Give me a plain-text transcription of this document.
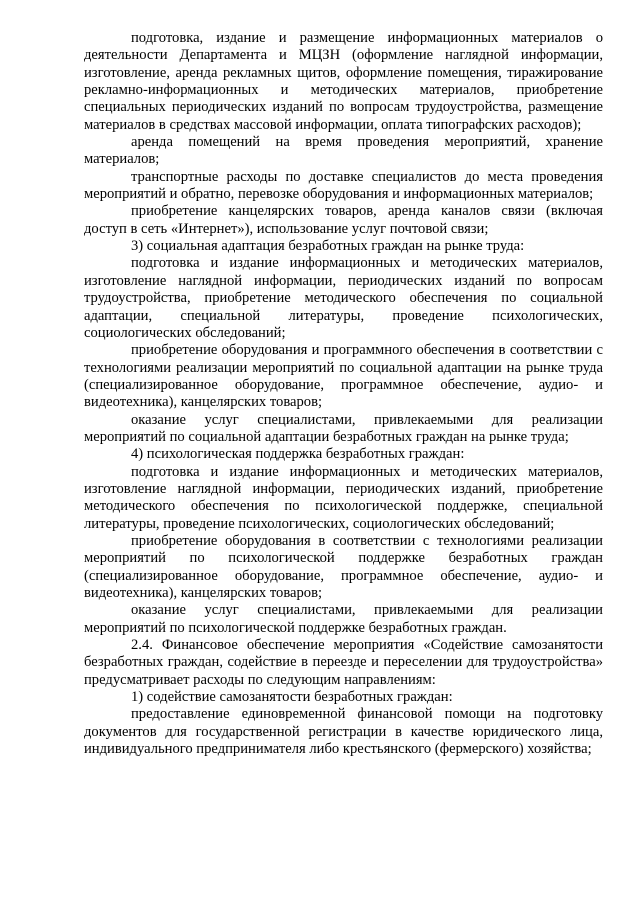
подготовка, издание и размещение информационных материалов о деятельности Департамента и МЦЗН (оформление наглядной информации, изготовление, аренда рекламных щитов, оформление помещения, тиражирование рекламно-информационных и методических материалов, приобретение специальных периодических изданий по вопросам трудоустройства, размещение материалов в средствах массовой информации, оплата типографских расходов);

аренда помещений на время проведения мероприятий, хранение материалов;

транспортные расходы по доставке специалистов до места проведения мероприятий и обратно, перевозке оборудования и информационных материалов;

приобретение канцелярских товаров, аренда каналов связи (включая доступ в сеть «Интернет»), использование услуг почтовой связи;

3) социальная адаптация безработных граждан на рынке труда:

подготовка и издание информационных и методических материалов, изготовление наглядной информации, периодических изданий по вопросам трудоустройства, приобретение методического обеспечения по социальной адаптации, специальной литературы, проведение психологических, социологических обследований;

приобретение оборудования и программного обеспечения в соответствии с технологиями реализации мероприятий по социальной адаптации на рынке труда (специализированное оборудование, программное обеспечение, аудио- и видеотехника), канцелярских товаров;

оказание услуг специалистами, привлекаемыми для реализации мероприятий по социальной адаптации безработных граждан на рынке труда;

4) психологическая поддержка безработных граждан:

подготовка и издание информационных и методических материалов, изготовление наглядной информации, периодических изданий, приобретение методического обеспечения по психологической поддержке, специальной литературы, проведение психологических, социологических обследований;

приобретение оборудования в соответствии с технологиями реализации мероприятий по психологической поддержке безработных граждан (специализированное оборудование, программное обеспечение, аудио- и видеотехника), канцелярских товаров;

оказание услуг специалистами, привлекаемыми для реализации мероприятий по психологической поддержке безработных граждан.

2.4. Финансовое обеспечение мероприятия «Содействие самозанятости безработных граждан, содействие в переезде и переселении для трудоустройства» предусматривает расходы по следующим направлениям:

1) содействие самозанятости безработных граждан:

предоставление единовременной финансовой помощи на подготовку документов для государственной регистрации в качестве юридического лица, индивидуального предпринимателя либо крестьянского (фермерского) хозяйства;
